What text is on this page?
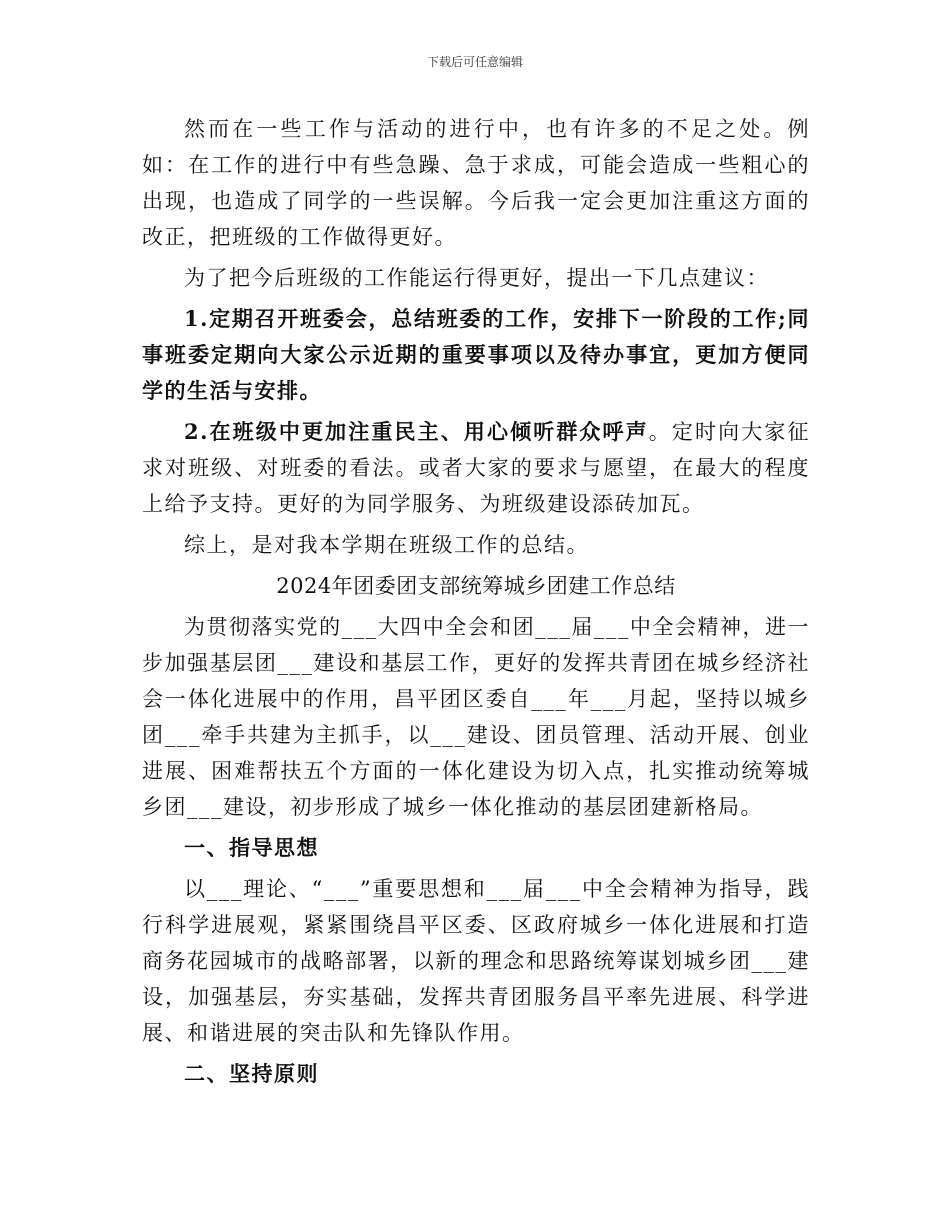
下载后可任意编辑

然而在一些工作与活动的进行中，也有许多的不足之处。例如：在工作的进行中有些急躁、急于求成，可能会造成一些粗心的出现，也造成了同学的一些误解。今后我一定会更加注重这方面的改正，把班级的工作做得更好。

为了把今后班级的工作能运行得更好，提出一下几点建议：

1.定期召开班委会，总结班委的工作，安排下一阶段的工作;同事班委定期向大家公示近期的重要事项以及待办事宜，更加方便同学的生活与安排。

2.在班级中更加注重民主、用心倾听群众呼声。定时向大家征求对班级、对班委的看法。或者大家的要求与愿望，在最大的程度上给予支持。更好的为同学服务、为班级建设添砖加瓦。

综上，是对我本学期在班级工作的总结。

2024年团委团支部统筹城乡团建工作总结

为贯彻落实党的___大四中全会和团___届___中全会精神，进一步加强基层团___建设和基层工作，更好的发挥共青团在城乡经济社会一体化进展中的作用，昌平团区委自___年___月起，坚持以城乡团___牵手共建为主抓手，以___建设、团员管理、活动开展、创业进展、困难帮扶五个方面的一体化建设为切入点，扎实推动统筹城乡团___建设，初步形成了城乡一体化推动的基层团建新格局。

一、指导思想

以___理论、“___”重要思想和___届___中全会精神为指导，践行科学进展观，紧紧围绕昌平区委、区政府城乡一体化进展和打造商务花园城市的战略部署，以新的理念和思路统筹谋划城乡团___建设，加强基层，夯实基础，发挥共青团服务昌平率先进展、科学进展、和谐进展的突击队和先锋队作用。

二、坚持原则
